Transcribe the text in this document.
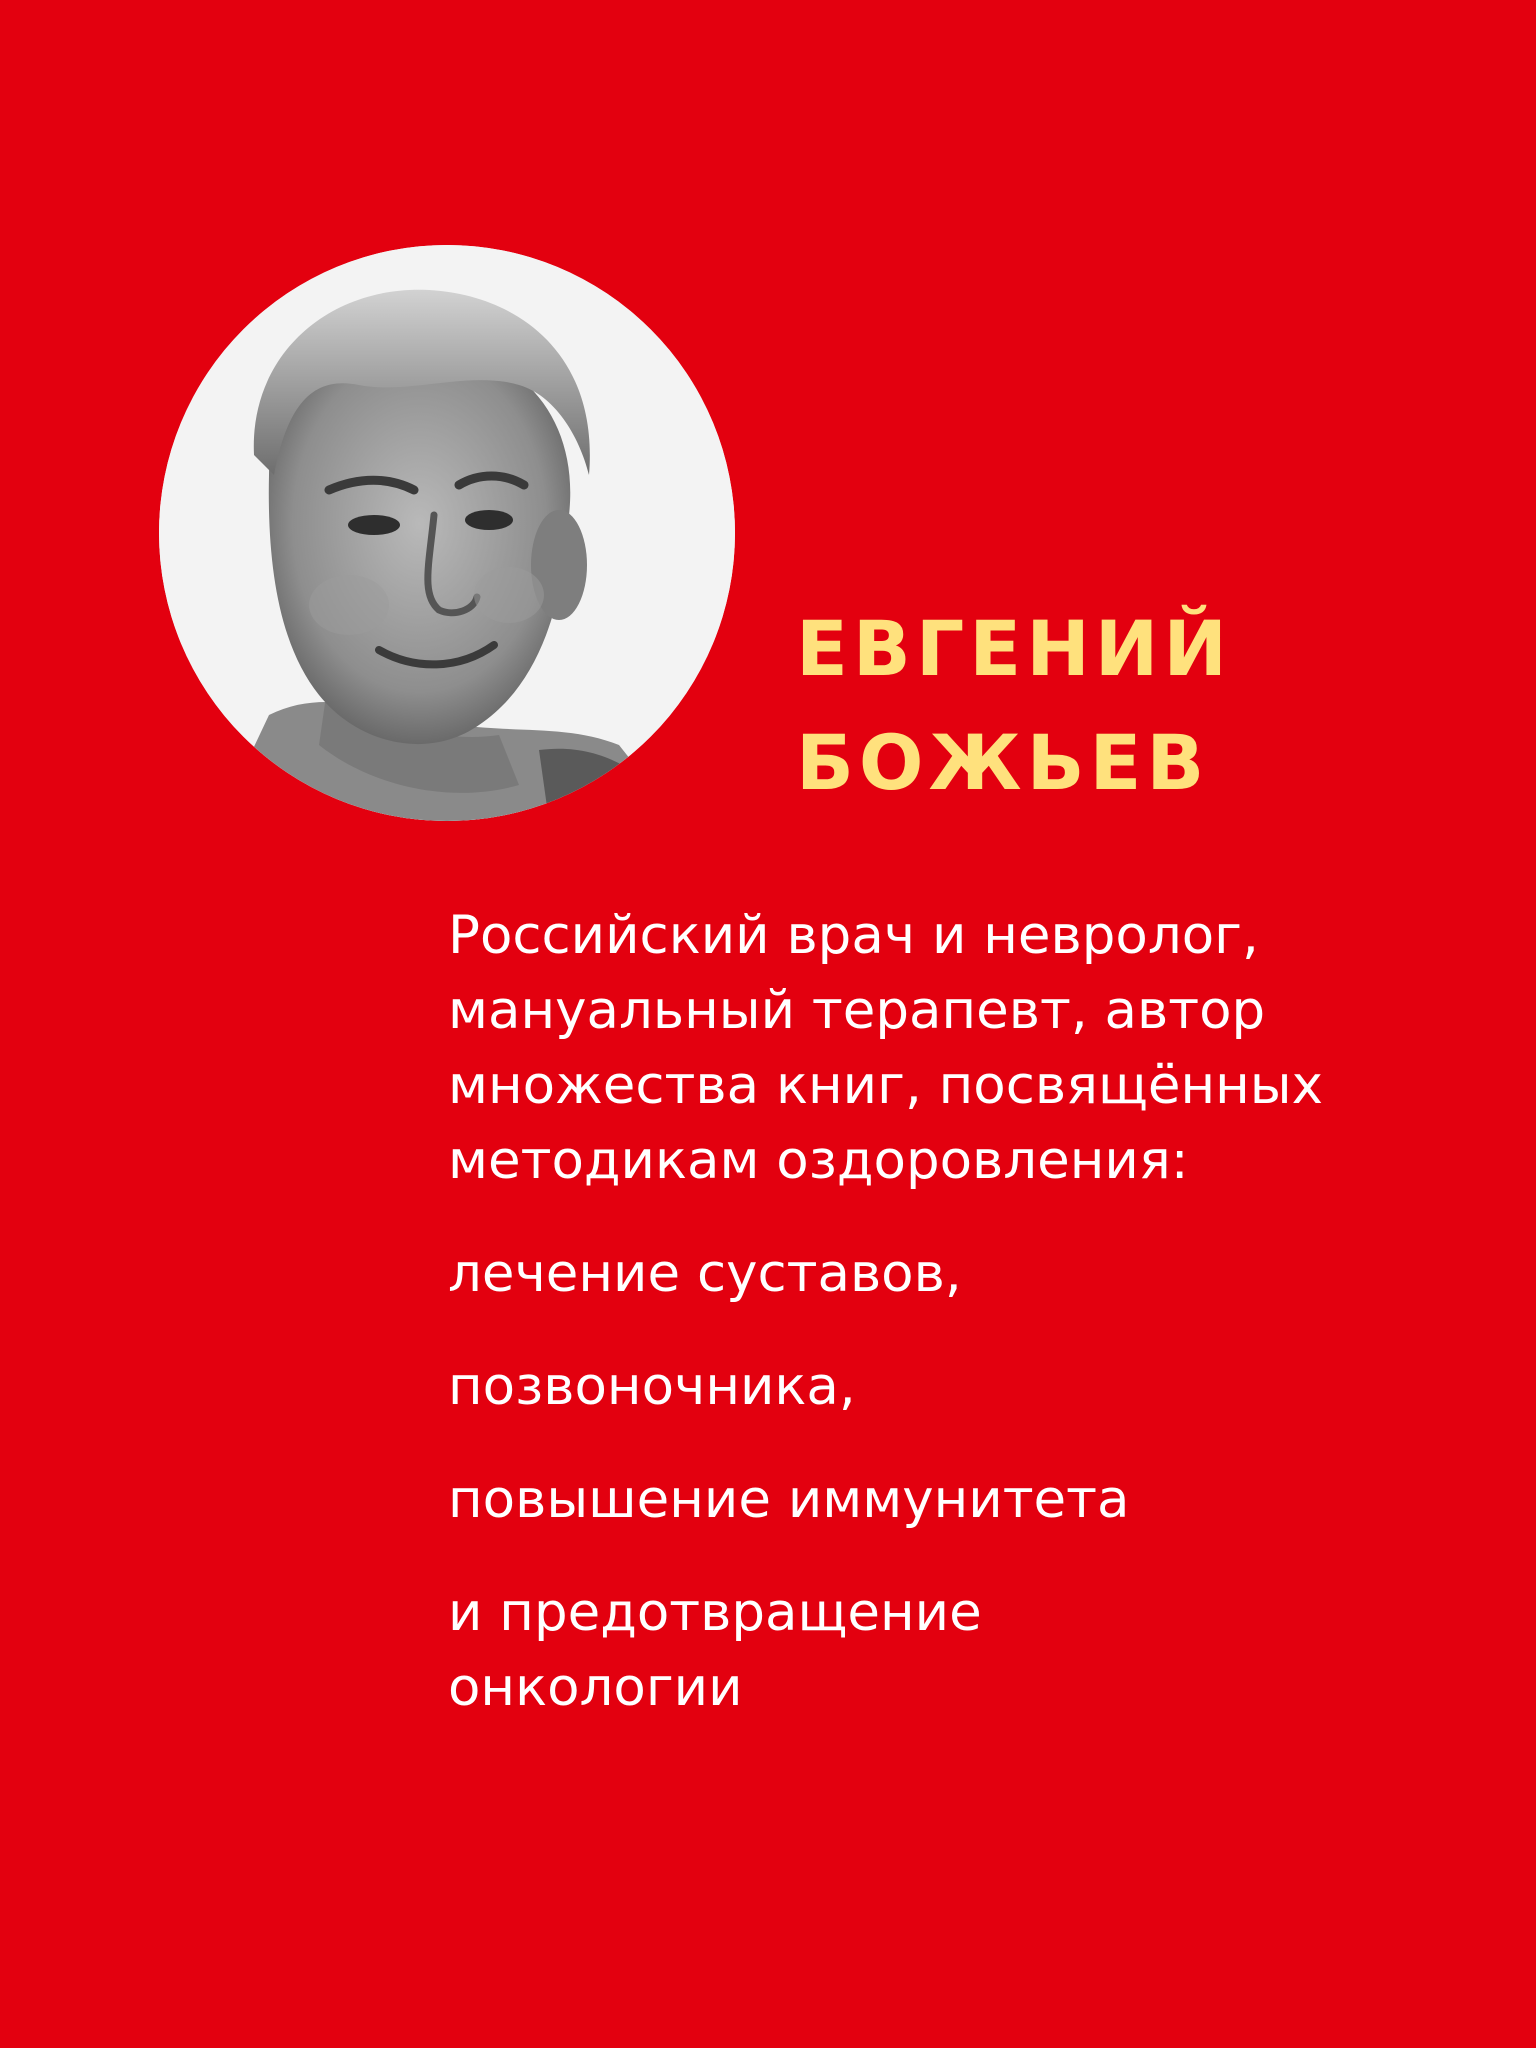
ЕВГЕНИЙ
БОЖЬЕВ

Российский врач и невролог,

мануальный терапевт, автор

множества книг, посвящённых

методикам оздоровления:

лечение суставов,

позвоночника,

повышение иммунитета

и предотвращение

онкологии
